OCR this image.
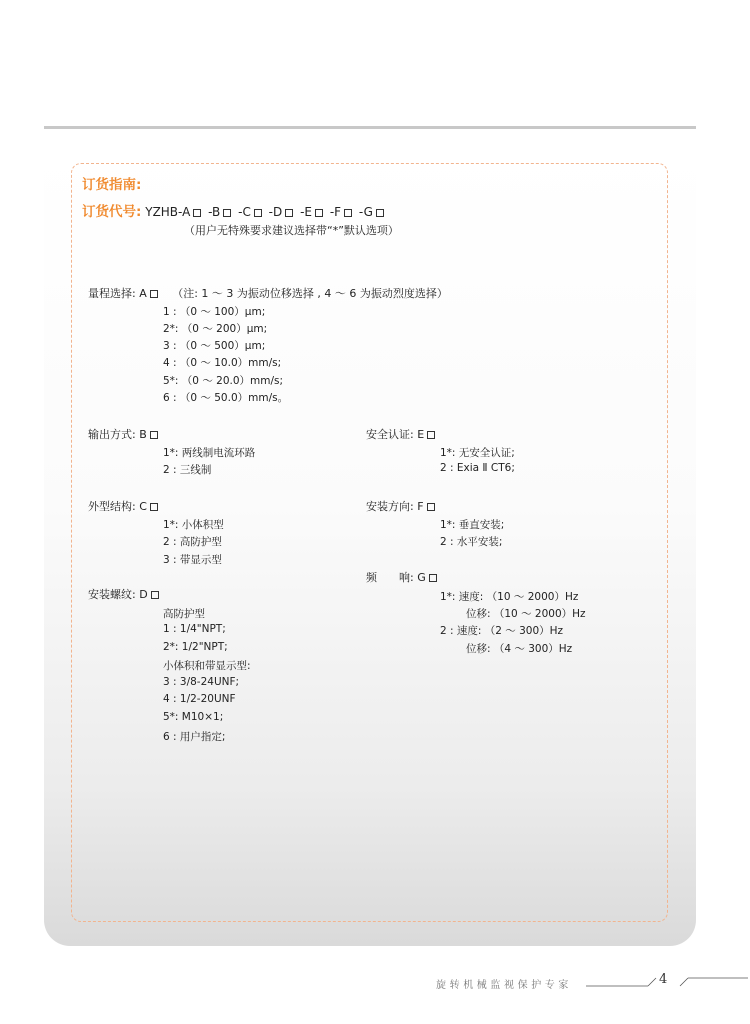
订货指南:
订货代号: YZHB-A -B -C -D -E -F -G
（用户无特殊要求建议选择带“*”默认选项）
量程选择: A （注: 1 ～ 3 为振动位移选择 , 4 ～ 6 为振动烈度选择）
1 : （0 ～ 100）μm;
2*: （0 ～ 200）μm;
3 : （0 ～ 500）μm;
4 : （0 ～ 10.0）mm/s;
5*: （0 ～ 20.0）mm/s;
6 : （0 ～ 50.0）mm/s。
输出方式: B
1*: 两线制电流环路
2 : 三线制
安全认证: E
1*: 无安全认证;
2 : Exia Ⅱ CT6;
外型结构: C
1*: 小体积型
2 : 高防护型
3 : 带显示型
安装方向: F
1*: 垂直安装;
2 : 水平安装;
频　　响: G
1*: 速度: （10 ～ 2000）Hz
位移: （10 ～ 2000）Hz
2 : 速度: （2 ～ 300）Hz
位移: （4 ～ 300）Hz
安装螺纹: D
高防护型
1 : 1/4"NPT;
2*: 1/2"NPT;
小体积和带显示型:
3 : 3/8-24UNF;
4 : 1/2-20UNF
5*: M10×1;
6 : 用户指定;
旋转机械监视保护专家	4
